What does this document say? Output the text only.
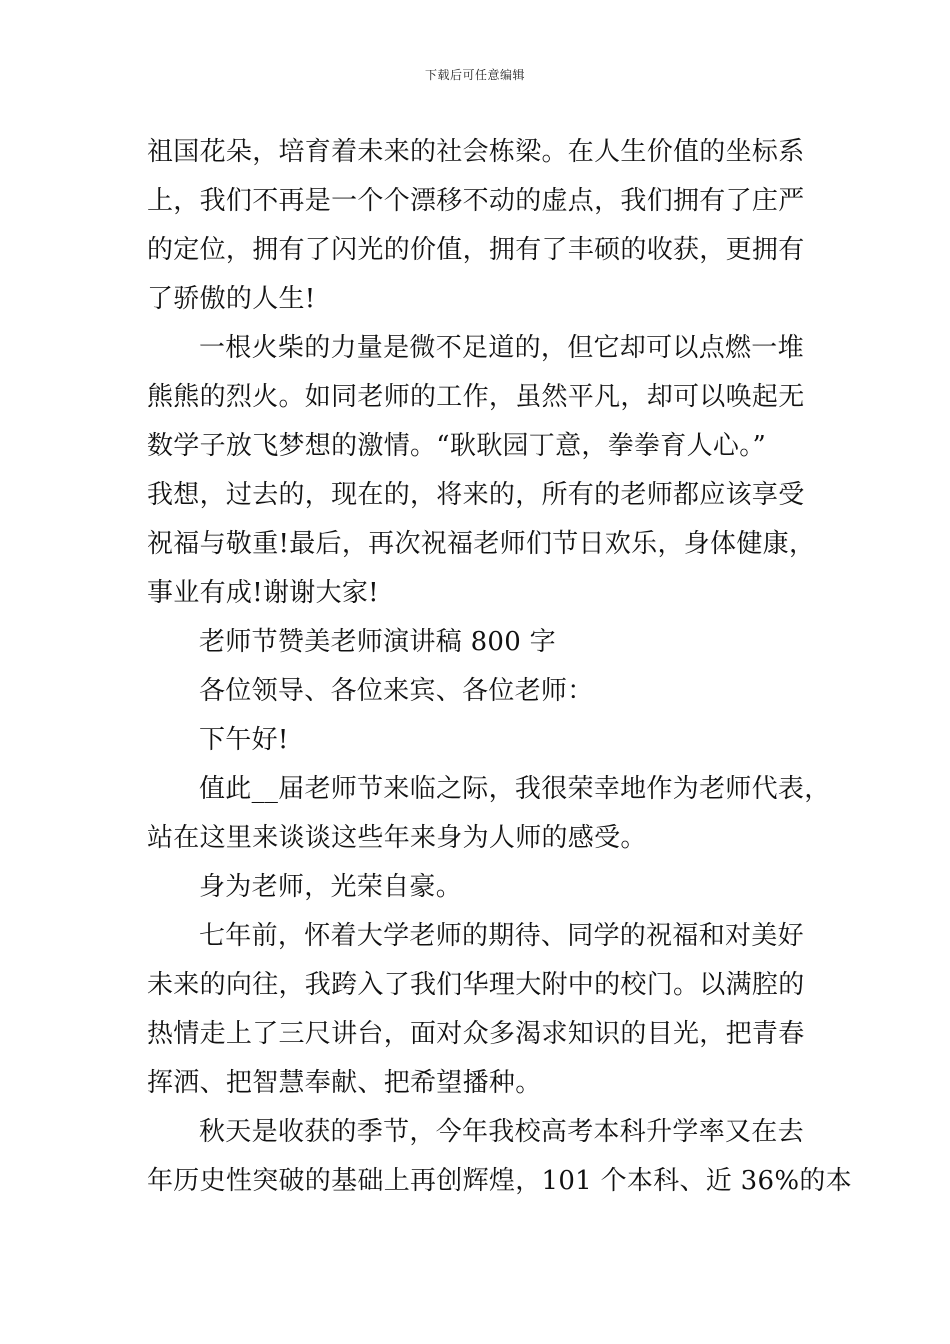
下载后可任意编辑
祖国花朵，培育着未来的社会栋梁。在人生价值的坐标系
上，我们不再是一个个漂移不动的虚点，我们拥有了庄严
的定位，拥有了闪光的价值，拥有了丰硕的收获，更拥有
了骄傲的人生!
一根火柴的力量是微不足道的，但它却可以点燃一堆
熊熊的烈火。如同老师的工作，虽然平凡，却可以唤起无
数学子放飞梦想的激情。“耿耿园丁意，拳拳育人心。”
我想，过去的，现在的，将来的，所有的老师都应该享受
祝福与敬重!最后，再次祝福老师们节日欢乐，身体健康，
事业有成!谢谢大家!
老师节赞美老师演讲稿 800 字
各位领导、各位来宾、各位老师：
下午好!
值此__届老师节来临之际，我很荣幸地作为老师代表，
站在这里来谈谈这些年来身为人师的感受。
身为老师，光荣自豪。
七年前，怀着大学老师的期待、同学的祝福和对美好
未来的向往，我跨入了我们华理大附中的校门。以满腔的
热情走上了三尺讲台，面对众多渴求知识的目光，把青春
挥洒、把智慧奉献、把希望播种。
秋天是收获的季节，今年我校高考本科升学率又在去
年历史性突破的基础上再创辉煌，101 个本科、近 36%的本
